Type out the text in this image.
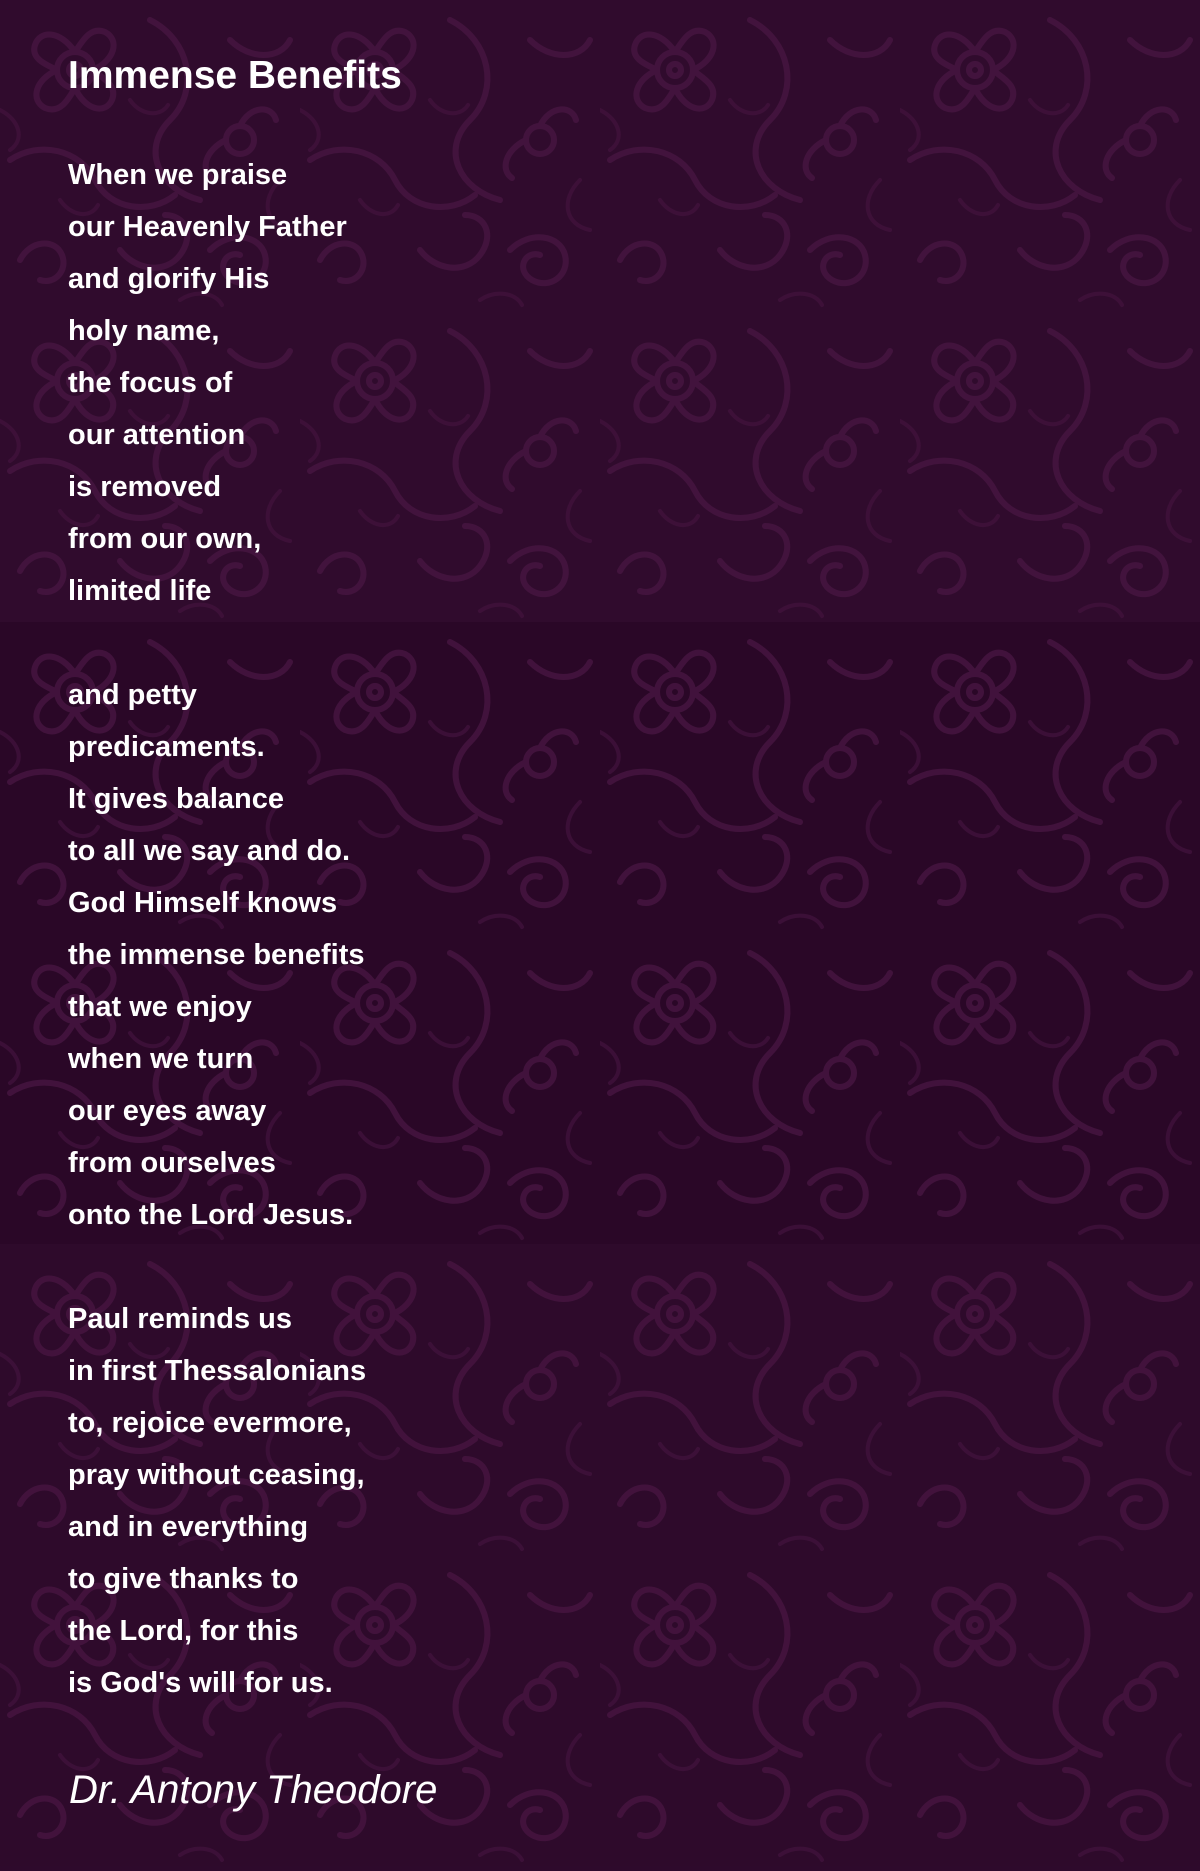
Immense Benefits
When we praise
our Heavenly Father
and glorify His
holy name,
the focus of
our attention
is removed
from our own,
limited life
and petty
predicaments.
It gives balance
to all we say and do.
God Himself knows
the immense benefits
that we enjoy
when we turn
our eyes away
from ourselves
onto the Lord Jesus.
Paul reminds us
in first Thessalonians
to, rejoice evermore,
pray without ceasing,
and in everything
to give thanks to
the Lord, for this
is God's will for us.

Dr. Antony Theodore
